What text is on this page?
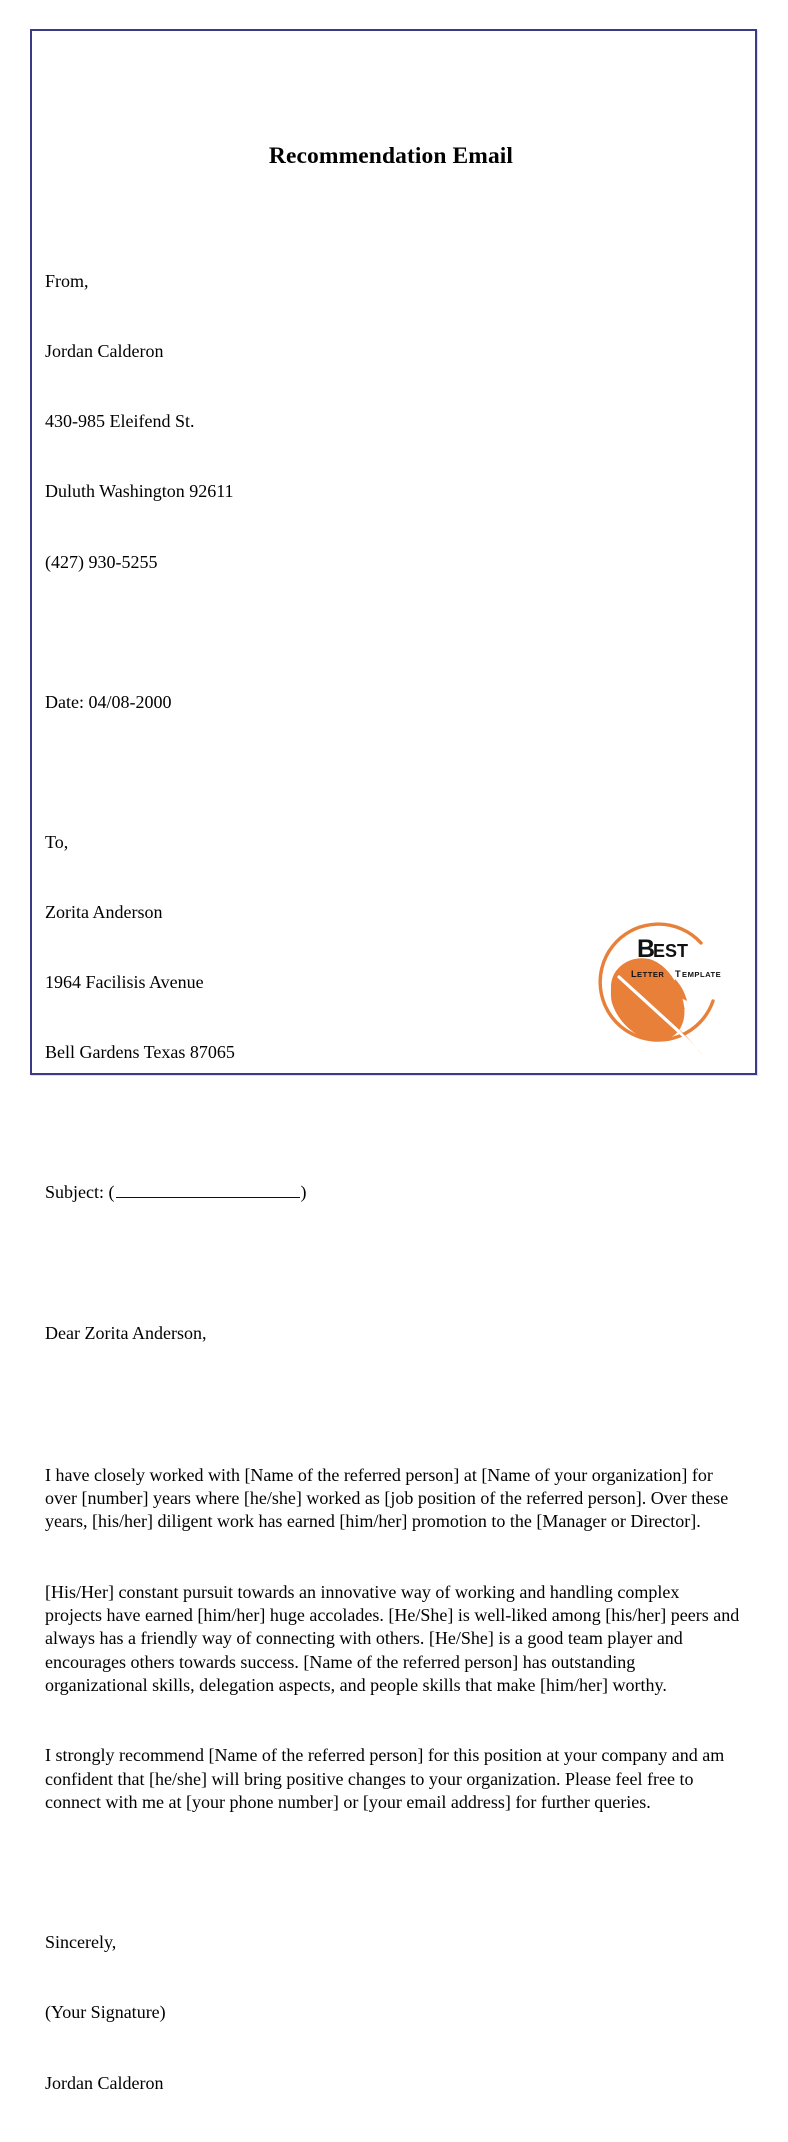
Recommendation Email

From,

Jordan Calderon

430-985 Eleifend St.

Duluth Washington 92611

(427) 930-5255

Date: 04/08-2000

To,

Zorita Anderson

1964 Facilisis Avenue

Bell Gardens Texas 87065

Subject: (	)

Dear Zorita Anderson,

I have closely worked with [Name of the referred person] at [Name of your organization] for over [number] years where [he/she] worked as [job position of the referred person]. Over these years, [his/her] diligent work has earned [him/her] promotion to the [Manager or Director].

[His/Her] constant pursuit towards an innovative way of working and handling complex projects have earned [him/her] huge accolades. [He/She] is well-liked among [his/her] peers and always has a friendly way of connecting with others. [He/She] is a good team player and encourages others towards success. [Name of the referred person] has outstanding organizational skills, delegation aspects, and people skills that make [him/her] worthy.

I strongly recommend [Name of the referred person] for this position at your company and am confident that [he/she] will bring positive changes to your organization. Please feel free to connect with me at [your phone number] or [your email address] for further queries.

Sincerely,

(Your Signature)

Jordan Calderon

B
EST
L ETTER T EMPLATE
